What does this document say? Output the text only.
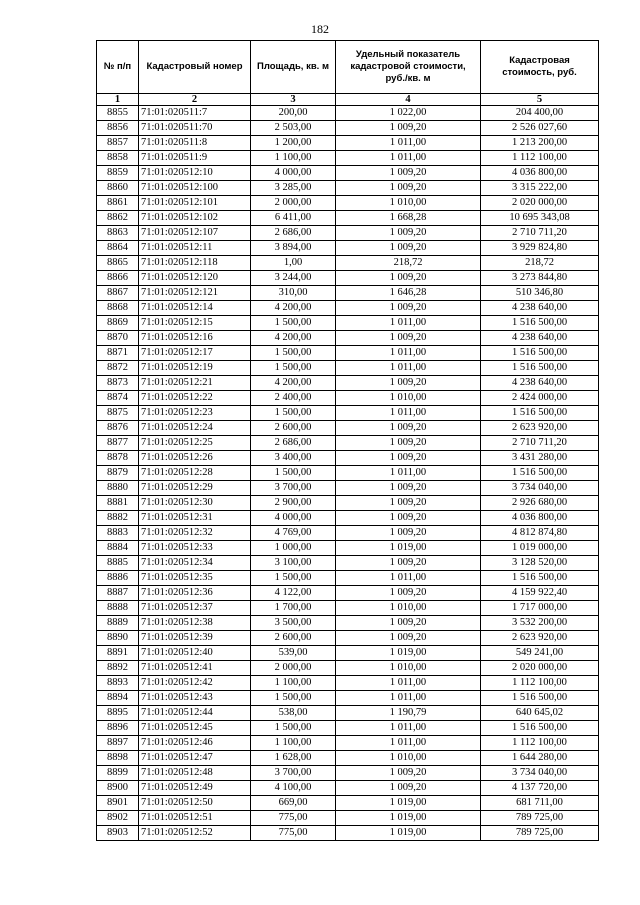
182
№ п/п	Кадастровый номер	Площадь, кв. м	Удельный показатель кадастровой стоимости, руб./кв. м	Кадастровая стоимость, руб.
1	2	3	4	5
8855	71:01:020511:7	200,00	1 022,00	204 400,00
8856	71:01:020511:70	2 503,00	1 009,20	2 526 027,60
8857	71:01:020511:8	1 200,00	1 011,00	1 213 200,00
8858	71:01:020511:9	1 100,00	1 011,00	1 112 100,00
8859	71:01:020512:10	4 000,00	1 009,20	4 036 800,00
8860	71:01:020512:100	3 285,00	1 009,20	3 315 222,00
8861	71:01:020512:101	2 000,00	1 010,00	2 020 000,00
8862	71:01:020512:102	6 411,00	1 668,28	10 695 343,08
8863	71:01:020512:107	2 686,00	1 009,20	2 710 711,20
8864	71:01:020512:11	3 894,00	1 009,20	3 929 824,80
8865	71:01:020512:118	1,00	218,72	218,72
8866	71:01:020512:120	3 244,00	1 009,20	3 273 844,80
8867	71:01:020512:121	310,00	1 646,28	510 346,80
8868	71:01:020512:14	4 200,00	1 009,20	4 238 640,00
8869	71:01:020512:15	1 500,00	1 011,00	1 516 500,00
8870	71:01:020512:16	4 200,00	1 009,20	4 238 640,00
8871	71:01:020512:17	1 500,00	1 011,00	1 516 500,00
8872	71:01:020512:19	1 500,00	1 011,00	1 516 500,00
8873	71:01:020512:21	4 200,00	1 009,20	4 238 640,00
8874	71:01:020512:22	2 400,00	1 010,00	2 424 000,00
8875	71:01:020512:23	1 500,00	1 011,00	1 516 500,00
8876	71:01:020512:24	2 600,00	1 009,20	2 623 920,00
8877	71:01:020512:25	2 686,00	1 009,20	2 710 711,20
8878	71:01:020512:26	3 400,00	1 009,20	3 431 280,00
8879	71:01:020512:28	1 500,00	1 011,00	1 516 500,00
8880	71:01:020512:29	3 700,00	1 009,20	3 734 040,00
8881	71:01:020512:30	2 900,00	1 009,20	2 926 680,00
8882	71:01:020512:31	4 000,00	1 009,20	4 036 800,00
8883	71:01:020512:32	4 769,00	1 009,20	4 812 874,80
8884	71:01:020512:33	1 000,00	1 019,00	1 019 000,00
8885	71:01:020512:34	3 100,00	1 009,20	3 128 520,00
8886	71:01:020512:35	1 500,00	1 011,00	1 516 500,00
8887	71:01:020512:36	4 122,00	1 009,20	4 159 922,40
8888	71:01:020512:37	1 700,00	1 010,00	1 717 000,00
8889	71:01:020512:38	3 500,00	1 009,20	3 532 200,00
8890	71:01:020512:39	2 600,00	1 009,20	2 623 920,00
8891	71:01:020512:40	539,00	1 019,00	549 241,00
8892	71:01:020512:41	2 000,00	1 010,00	2 020 000,00
8893	71:01:020512:42	1 100,00	1 011,00	1 112 100,00
8894	71:01:020512:43	1 500,00	1 011,00	1 516 500,00
8895	71:01:020512:44	538,00	1 190,79	640 645,02
8896	71:01:020512:45	1 500,00	1 011,00	1 516 500,00
8897	71:01:020512:46	1 100,00	1 011,00	1 112 100,00
8898	71:01:020512:47	1 628,00	1 010,00	1 644 280,00
8899	71:01:020512:48	3 700,00	1 009,20	3 734 040,00
8900	71:01:020512:49	4 100,00	1 009,20	4 137 720,00
8901	71:01:020512:50	669,00	1 019,00	681 711,00
8902	71:01:020512:51	775,00	1 019,00	789 725,00
8903	71:01:020512:52	775,00	1 019,00	789 725,00
